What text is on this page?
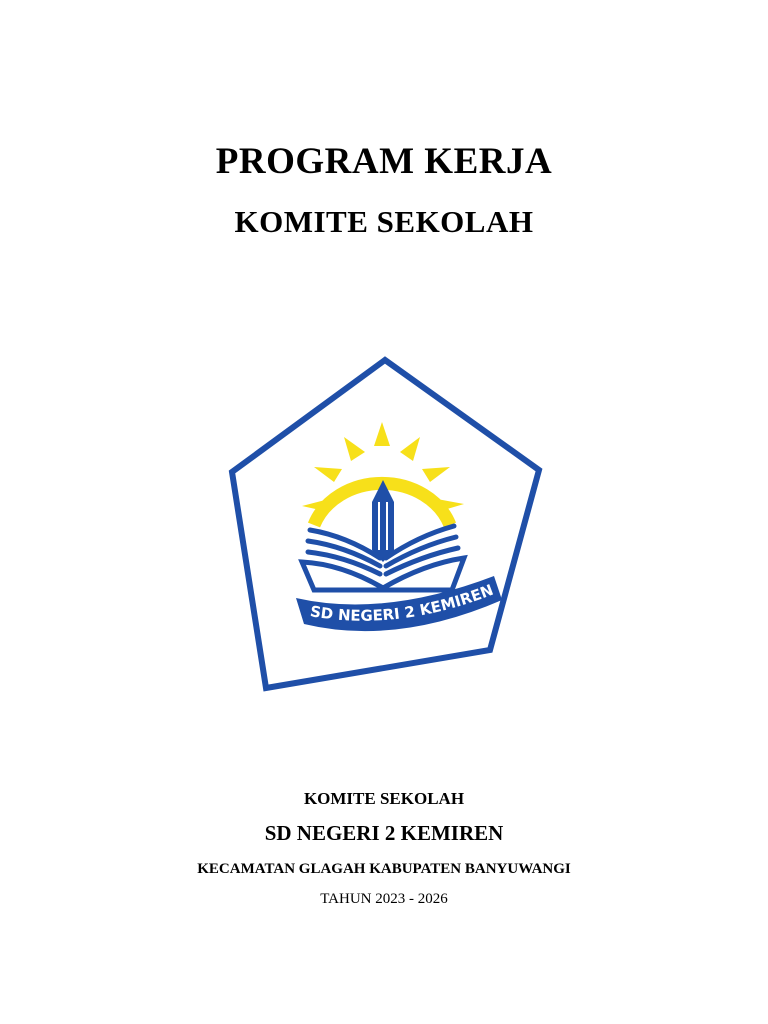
PROGRAM KERJA
KOMITE SEKOLAH
SD NEGERI 2 KEMIREN

KOMITE SEKOLAH

SD NEGERI 2 KEMIREN

KECAMATAN GLAGAH KABUPATEN BANYUWANGI

TAHUN 2023 - 2026
